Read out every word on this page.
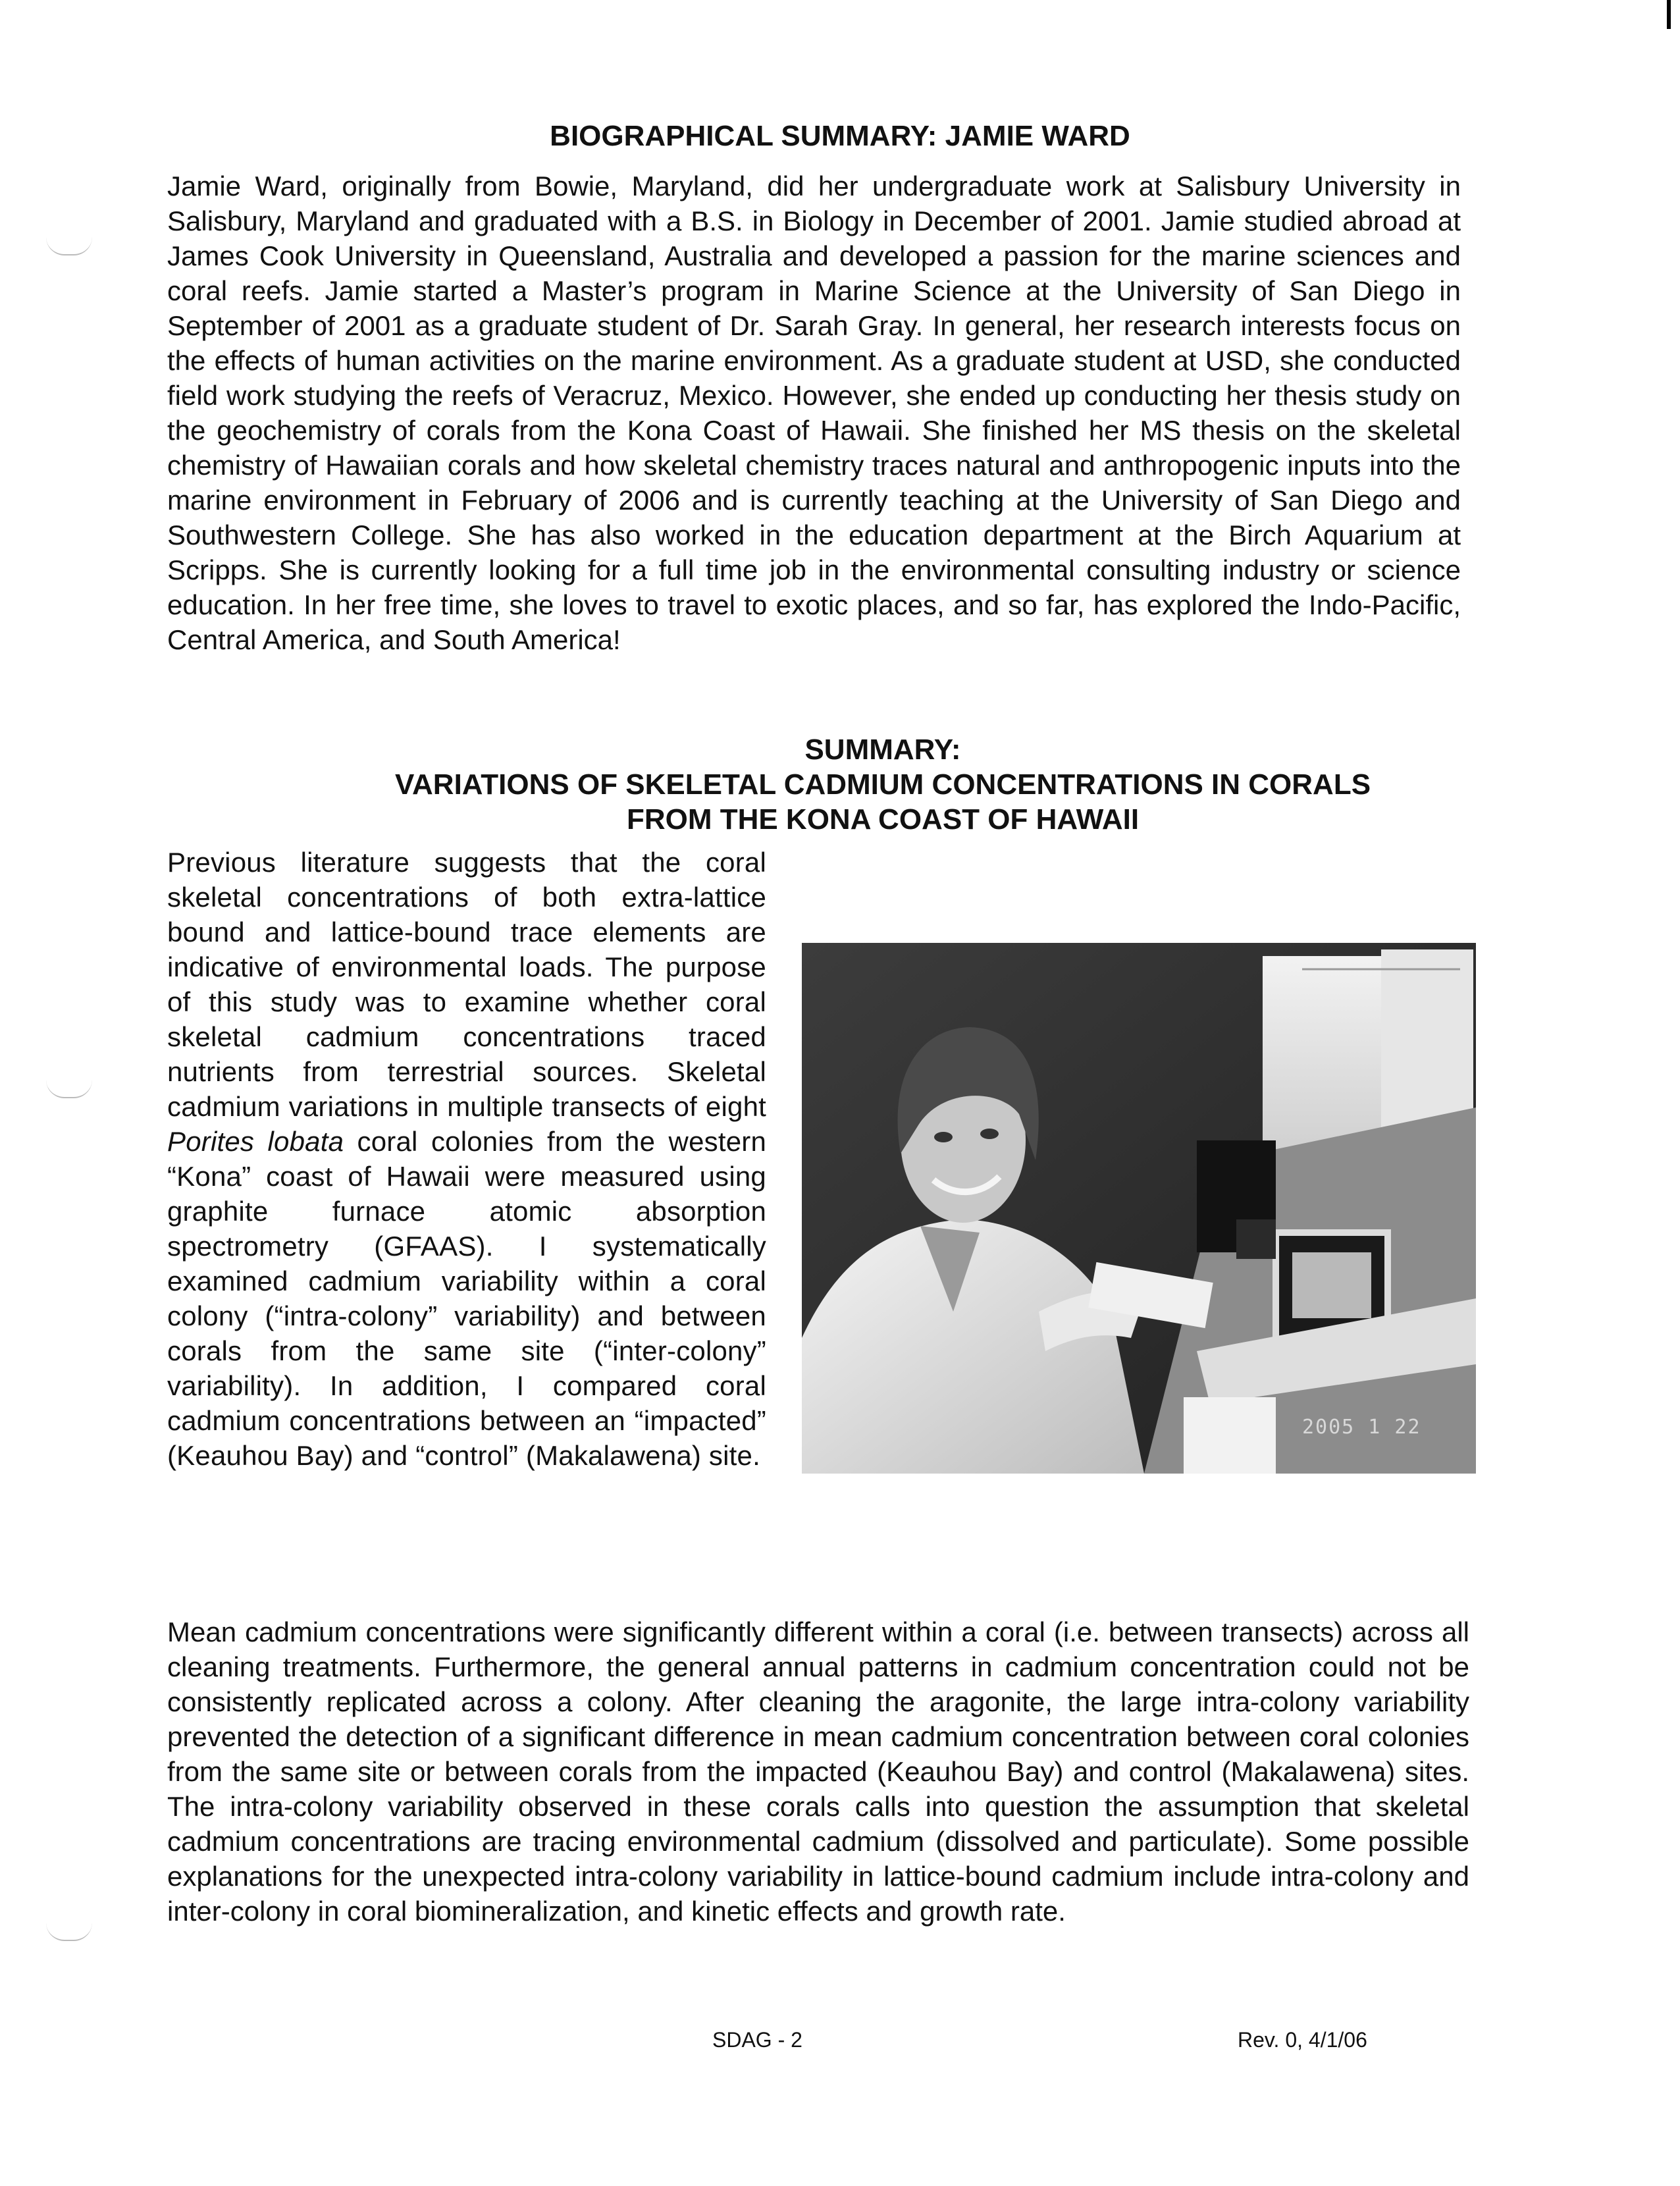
BIOGRAPHICAL SUMMARY: JAMIE WARD

Jamie Ward, originally from Bowie, Maryland, did her undergraduate work at Salisbury University in Salisbury, Maryland and graduated with a B.S. in Biology in December of 2001. Jamie studied abroad at James Cook University in Queensland, Australia and developed a passion for the marine sciences and coral reefs. Jamie started a Master’s program in Marine Science at the University of San Diego in September of 2001 as a graduate student of Dr. Sarah Gray. In general, her research interests focus on the effects of human activities on the marine environment. As a graduate student at USD, she conducted field work studying the reefs of Veracruz, Mexico. However, she ended up conducting her thesis study on the geochemistry of corals from the Kona Coast of Hawaii. She finished her MS thesis on the skeletal chemistry of Hawaiian corals and how skeletal chemistry traces natural and anthropogenic inputs into the marine environment in February of 2006 and is currently teaching at the University of San Diego and Southwestern College. She has also worked in the education department at the Birch Aquarium at Scripps. She is currently looking for a full time job in the environmental consulting industry or science education. In her free time, she loves to travel to exotic places, and so far, has explored the Indo-Pacific, Central America, and South America!

SUMMARY:
VARIATIONS OF SKELETAL CADMIUM CONCENTRATIONS IN CORALS
FROM THE KONA COAST OF HAWAII

Previous literature suggests that the coral skeletal concentrations of both extra-lattice bound and lattice-bound trace elements are indicative of environmental loads. The purpose of this study was to examine whether coral skeletal cadmium concentrations traced nutrients from terrestrial sources. Skeletal cadmium variations in multiple transects of eight Porites lobata coral colonies from the western “Kona” coast of Hawaii were measured using graphite furnace atomic absorption spectrometry (GFAAS). I systematically examined cadmium variability within a coral colony (“intra-colony” variability) and between corals from the same site (“inter-colony” variability). In addition, I compared coral cadmium concentrations between an “impacted” (Keauhou Bay) and “control” (Makalawena) site.

2005 1 22

Mean cadmium concentrations were significantly different within a coral (i.e. between transects) across all cleaning treatments. Furthermore, the general annual patterns in cadmium concentration could not be consistently replicated across a colony. After cleaning the aragonite, the large intra-colony variability prevented the detection of a significant difference in mean cadmium concentration between coral colonies from the same site or between corals from the impacted (Keauhou Bay) and control (Makalawena) sites. The intra-colony variability observed in these corals calls into question the assumption that skeletal cadmium concentrations are tracing environmental cadmium (dissolved and particulate). Some possible explanations for the unexpected intra-colony variability in lattice-bound cadmium include intra-colony and inter-colony in coral biomineralization, and kinetic effects and growth rate.

SDAG - 2	Rev. 0, 4/1/06
